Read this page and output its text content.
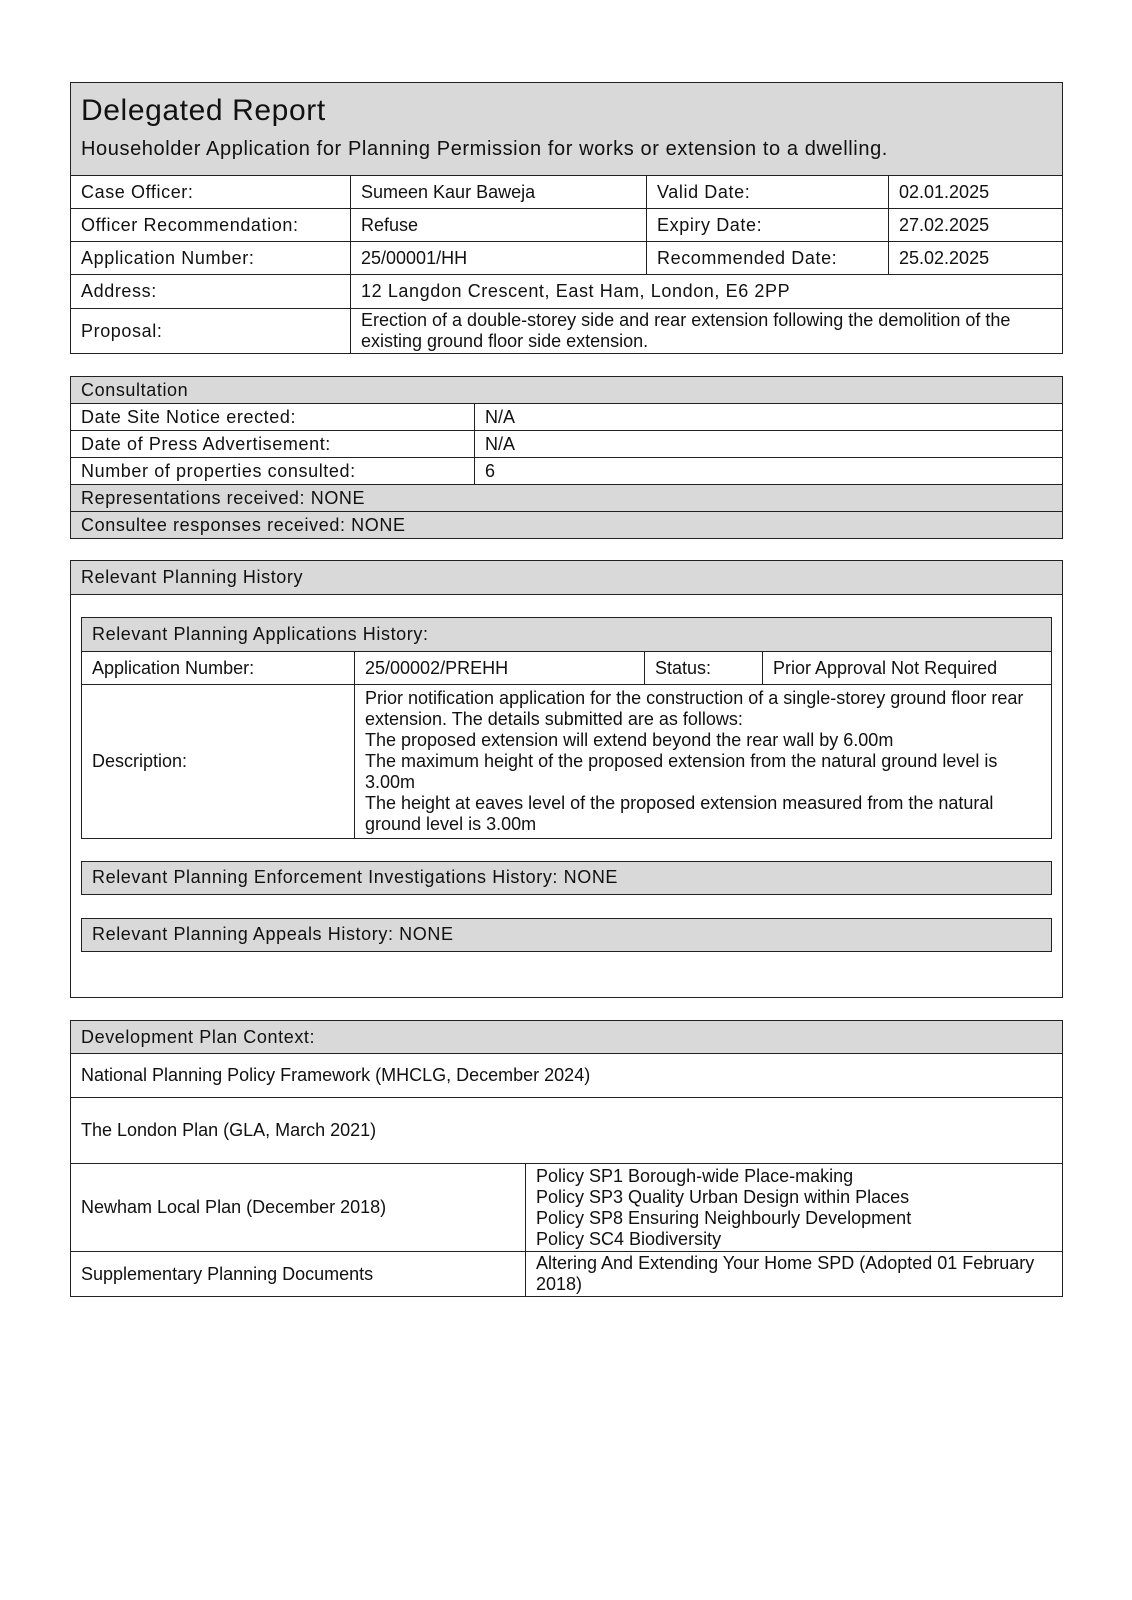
Delegated Report
Householder Application for Planning Permission for works or extension to a dwelling.			

Case Officer:	Sumeen Kaur Baweja	Valid Date:	02.01.2025
Officer Recommendation:	Refuse	Expiry Date:	27.02.2025
Application Number:	25/00001/HH	Recommended Date:	25.02.2025
Address:	12 Langdon Crescent, East Ham, London, E6 2PP		
Proposal:	Erection of a double-storey side and rear extension following the demolition of the existing ground floor side extension.		
Consultation	
Date Site Notice erected:	N/A
Date of Press Advertisement:	N/A
Number of properties consulted:	6
Representations received: NONE	
Consultee responses received: NONE	
Relevant Planning History
Relevant Planning Applications History:			
Application Number:	25/00002/PREHH	Status:	Prior Approval Not Required
Description:	Prior notification application for the construction of a single-storey ground floor rear extension. The details submitted are as follows:
The proposed extension will extend beyond the rear wall by 6.00m
The maximum height of the proposed extension from the natural ground level is 3.00m
The height at eaves level of the proposed extension measured from the natural ground level is 3.00m		
Relevant Planning Enforcement Investigations History: NONE
Relevant Planning Appeals History: NONE
Development Plan Context:	
National Planning Policy Framework (MHCLG, December 2024)	
The London Plan (GLA, March 2021)	
Newham Local Plan (December 2018)	Policy SP1 Borough-wide Place-making
Policy SP3 Quality Urban Design within Places
Policy SP8 Ensuring Neighbourly Development
Policy SC4 Biodiversity

Supplementary Planning Documents	Altering And Extending Your Home SPD (Adopted 01 February 2018)
